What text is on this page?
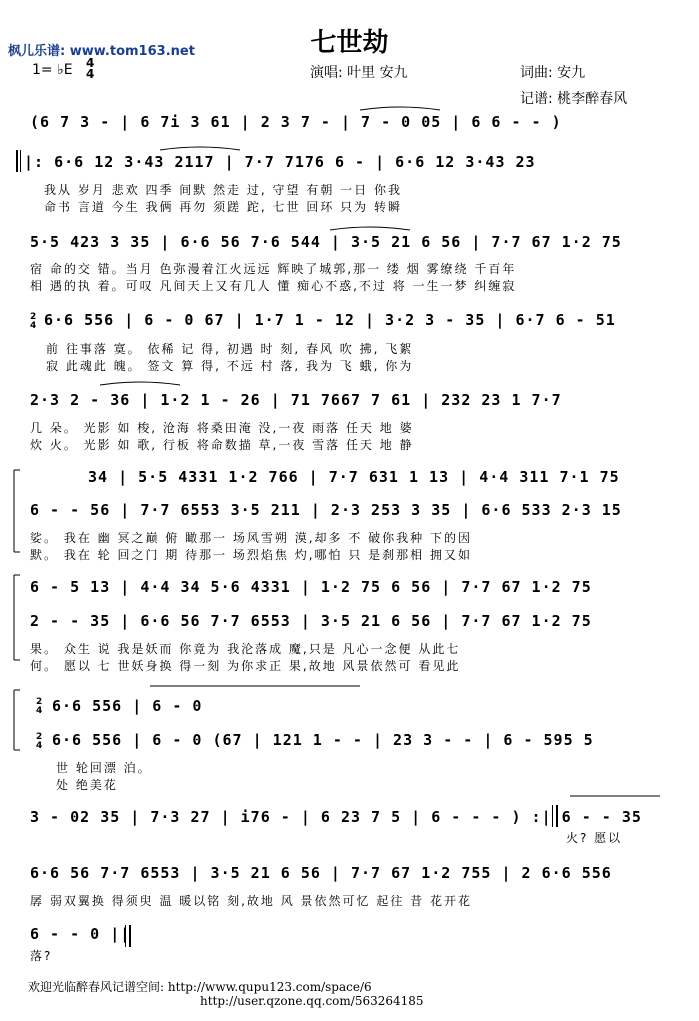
枫儿乐谱: www.tom163.net	七世劫
1= ♭E 4
4	演唱: 叶里 安九	词曲: 安九
记谱: 桃李醉春风
(6 7 3 - | 6 7i 3 61 | 2 3 7 - | 7 - 0 05 | 6 6 - - )
|: 6·6 12 3·43 2117 | 7·7 7176 6 - | 6·6 12 3·43 23
我从 岁月 悲欢 四季 间默 然走 过, 守望 有朝 一日 你我
命书 言道 今生 我俩 再勿 须蹉 跎, 七世 回环 只为 转瞬
5·5 423 3 35 | 6·6 56 7·6 544 | 3·5 21 6 56 | 7·7 67 1·2 75
宿 命的交 错。当月 色弥漫着江火远远 辉映了城郭,那一 缕 烟 雾缭绕 千百年
相 遇的执 着。可叹 凡间天上又有几人 懂 痴心不惑,不过 将 一生一梦 纠缠寂
2
4 6·6 556 | 6 - 0 67 | 1·7 1 - 12 | 3·2 3 - 35 | 6·7 6 - 51
前 往事落 寞。 依稀 记 得, 初遇 时 刻, 春风 吹 拂, 飞絮
寂 此魂此 魄。 签文 算 得, 不远 村 落, 我为 飞 蛾, 你为
2·3 2 - 36 | 1·2 1 - 26 | 71 7667 7 61 | 232 23 1 7·7
几 朵。 光影 如 梭, 沧海 将桑田淹 没,一夜 雨落 任天 地 婆
炊 火。 光影 如 歌, 行板 将命数描 草,一夜 雪落 任天 地 静
34 | 5·5 4331 1·2 766 | 7·7 631 1 13 | 4·4 311 7·1 75
6 - - 56 | 7·7 6553 3·5 211 | 2·3 253 3 35 | 6·6 533 2·3 15
娑。 我在 幽 冥之巅 俯 瞰那一 场风雪朔 漠,却多 不 破你我种 下的因
默。 我在 轮 回之门 期 待那一 场烈焰焦 灼,哪怕 只 是刹那相 拥又如
6 - 5 13 | 4·4 34 5·6 4331 | 1·2 75 6 56 | 7·7 67 1·2 75
2 - - 35 | 6·6 56 7·7 6553 | 3·5 21 6 56 | 7·7 67 1·2 75
果。 众生 说 我是妖而 你竟为 我沦落成 魔,只是 凡心一念便 从此七
何。 愿以 七 世妖身换 得一刻 为你求正 果,故地 风景依然可 看见此
2
4 6·6 556 | 6 - 0
2
4 6·6 556 | 6 - 0 (67 | 121 1 - - | 23 3 - - | 6 - 595 5
世 轮回漂 泊。
处 绝美花
3 - 02 35 | 7·3 27 | i76 - | 6 23 7 5 | 6 - - - ) :| 6 - - 35
火? 愿以
6·6 56 7·7 6553 | 3·5 21 6 56 | 7·7 67 1·2 755 | 2 6·6 556
孱 弱双翼换 得须臾 温 暖以铭 刻,故地 风 景依然可忆 起往 昔 花开花
6 - - 0 ||
落?
欢迎光临醉春风记谱空间: http://www.qupu123.com/space/6
http://user.qzone.qq.com/563264185
